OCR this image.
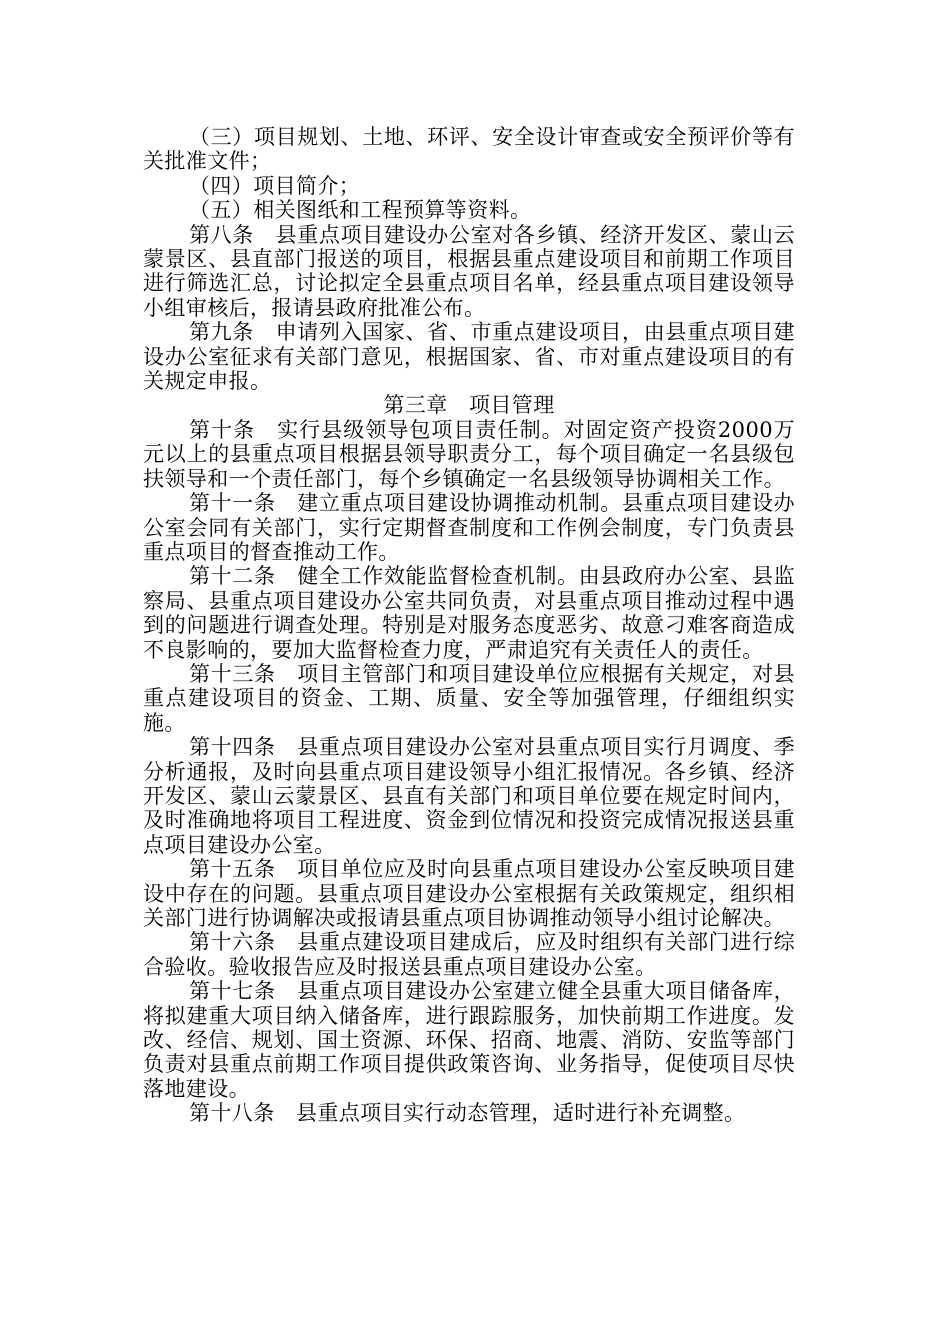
（三）项目规划、土地、环评、安全设计审查或安全预评价等有关批准文件；

（四）项目简介；

（五）相关图纸和工程预算等资料。

第八条　 县重点项目建设办公室对各乡镇、经济开发区、蒙山云蒙景区、县直部门报送的项目，根据县重点建设项目和前期工作项目进行筛选汇总，讨论拟定全县重点项目名单，经县重点项目建设领导小组审核后，报请县政府批准公布。

第九条　 申请列入国家、省、市重点建设项目，由县重点项目建设办公室征求有关部门意见，根据国家、省、市对重点建设项目的有关规定申报。

第三章　项目管理

第十条　 实行县级领导包项目责任制。对固定资产投资2000万元以上的县重点项目根据县领导职责分工，每个项目确定一名县级包扶领导和一个责任部门，每个乡镇确定一名县级领导协调相关工作。

第十一条　 建立重点项目建设协调推动机制。县重点项目建设办公室会同有关部门，实行定期督查制度和工作例会制度，专门负责县重点项目的督查推动工作。

第十二条　 健全工作效能监督检查机制。由县政府办公室、县监察局、县重点项目建设办公室共同负责，对县重点项目推动过程中遇到的问题进行调查处理。特别是对服务态度恶劣、故意刁难客商造成不良影响的，要加大监督检查力度，严肃追究有关责任人的责任。

第十三条　 项目主管部门和项目建设单位应根据有关规定，对县重点建设项目的资金、工期、质量、安全等加强管理，仔细组织实施。

第十四条　 县重点项目建设办公室对县重点项目实行月调度、季分析通报，及时向县重点项目建设领导小组汇报情况。各乡镇、经济开发区、蒙山云蒙景区、县直有关部门和项目单位要在规定时间内，及时准确地将项目工程进度、资金到位情况和投资完成情况报送县重点项目建设办公室。

第十五条　 项目单位应及时向县重点项目建设办公室反映项目建设中存在的问题。县重点项目建设办公室根据有关政策规定，组织相关部门进行协调解决或报请县重点项目协调推动领导小组讨论解决。

第十六条　 县重点建设项目建成后，应及时组织有关部门进行综合验收。验收报告应及时报送县重点项目建设办公室。

第十七条　 县重点项目建设办公室建立健全县重大项目储备库，将拟建重大项目纳入储备库，进行跟踪服务，加快前期工作进度。发改、经信、规划、国土资源、环保、招商、地震、消防、安监等部门负责对县重点前期工作项目提供政策咨询、业务指导，促使项目尽快落地建设。

第十八条　 县重点项目实行动态管理，适时进行补充调整。
